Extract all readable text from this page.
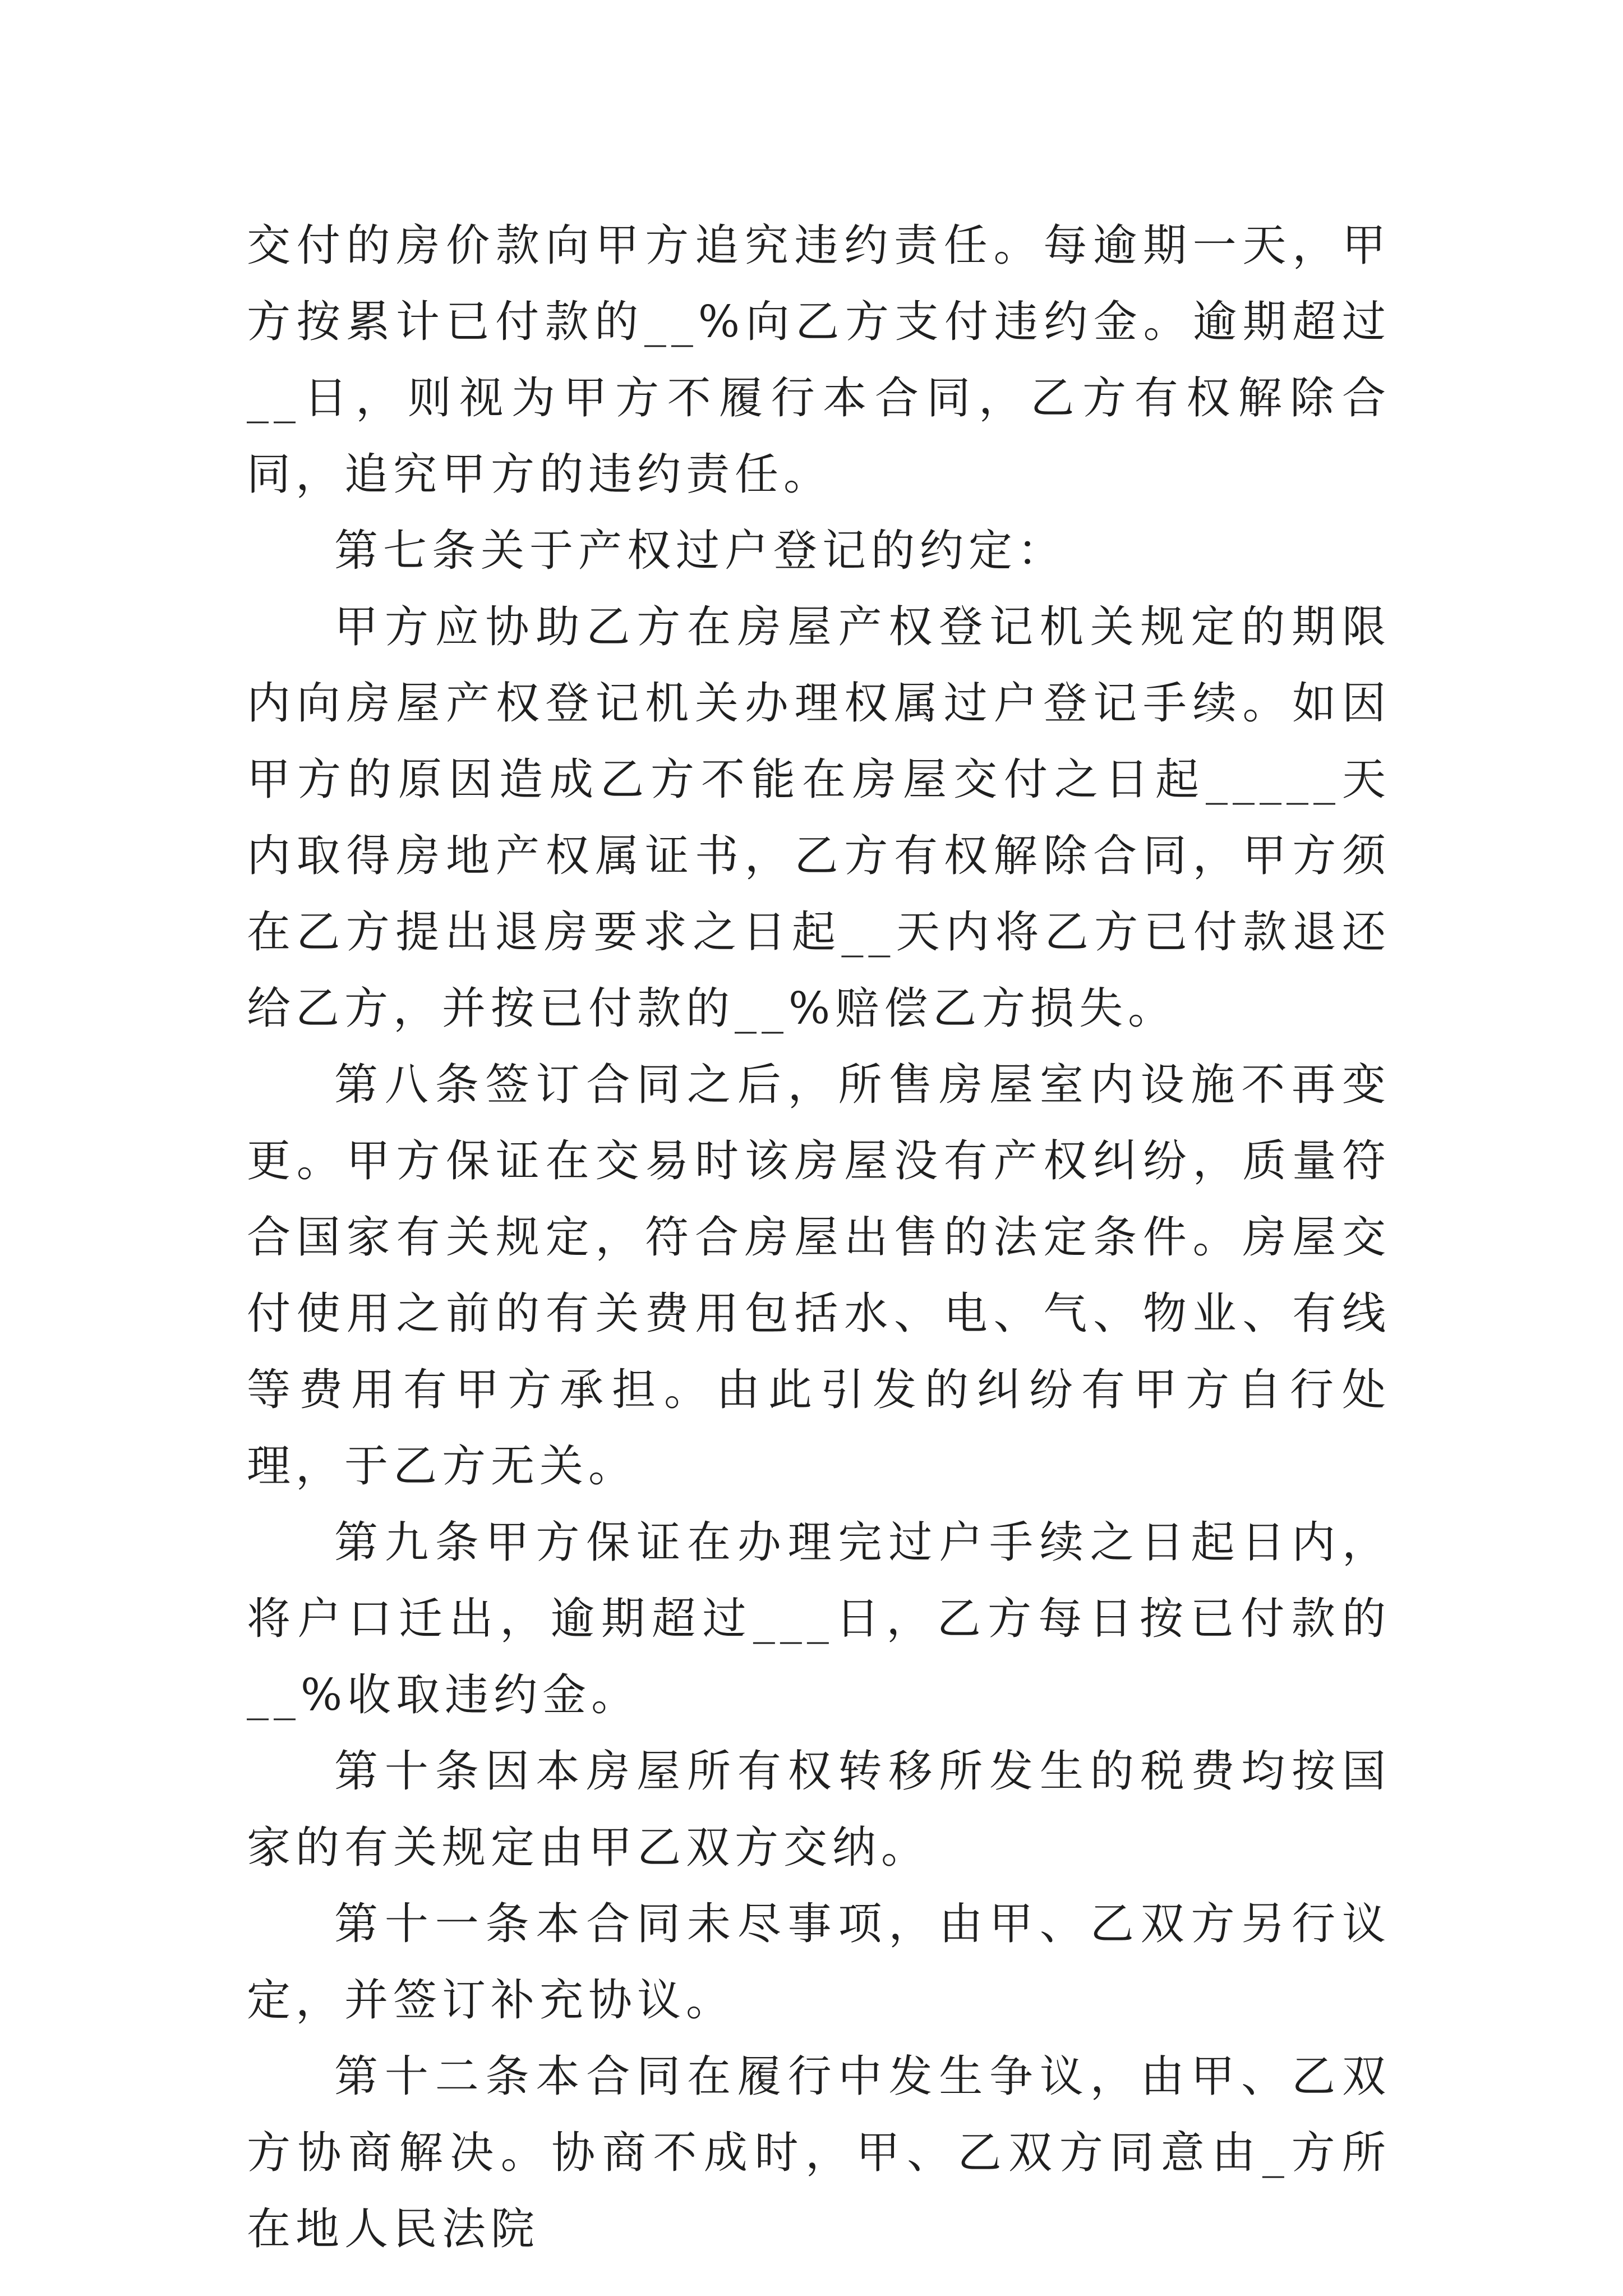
交付的房价款向甲方追究违约责任。每逾期一天，甲方按累计已付款的__%向乙方支付违约金。逾期超过__日，则视为甲方不履行本合同，乙方有权解除合同，追究甲方的违约责任。

第七条关于产权过户登记的约定：

甲方应协助乙方在房屋产权登记机关规定的期限内向房屋产权登记机关办理权属过户登记手续。如因甲方的原因造成乙方不能在房屋交付之日起_____天内取得房地产权属证书，乙方有权解除合同，甲方须在乙方提出退房要求之日起__天内将乙方已付款退还给乙方，并按已付款的__%赔偿乙方损失。

第八条签订合同之后，所售房屋室内设施不再变更。甲方保证在交易时该房屋没有产权纠纷，质量符合国家有关规定，符合房屋出售的法定条件。房屋交付使用之前的有关费用包括水、电、气、物业、有线等费用有甲方承担。由此引发的纠纷有甲方自行处理，于乙方无关。

第九条甲方保证在办理完过户手续之日起日内，将户口迁出，逾期超过___日，乙方每日按已付款的__%收取违约金。

第十条因本房屋所有权转移所发生的税费均按国家的有关规定由甲乙双方交纳。

第十一条本合同未尽事项，由甲、乙双方另行议定，并签订补充协议。

第十二条本合同在履行中发生争议，由甲、乙双方协商解决。协商不成时，甲、乙双方同意由_方所在地人民法院
